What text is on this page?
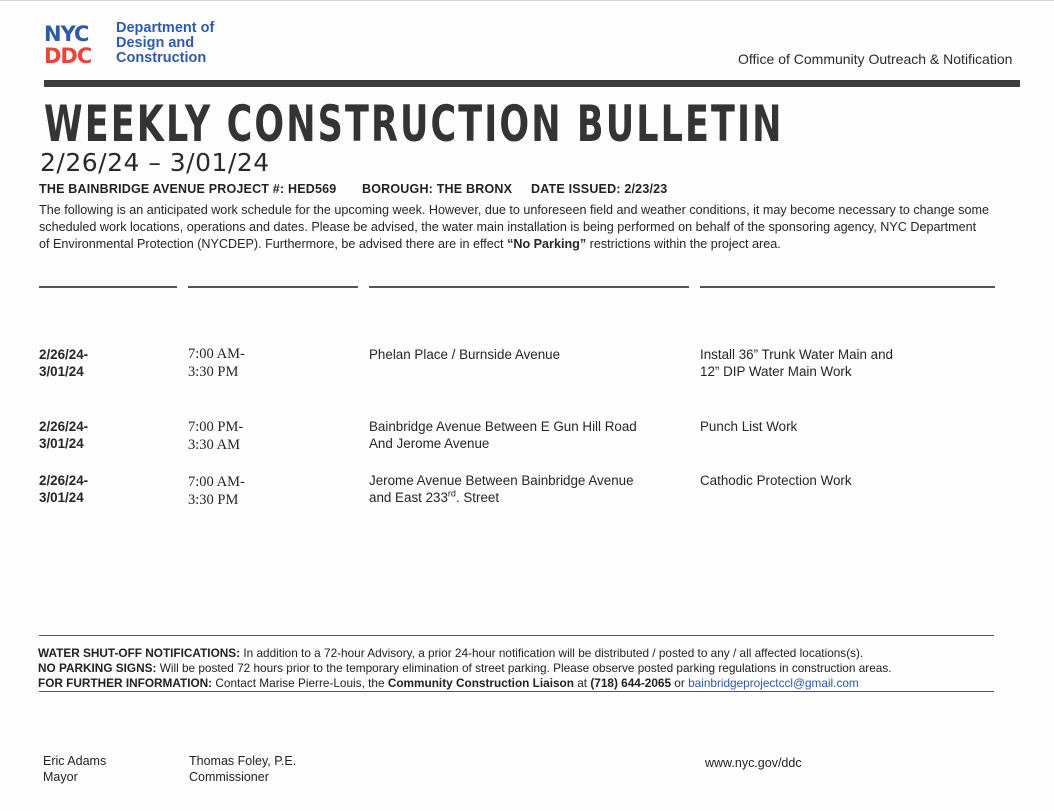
NYC
DDC
Department of
Design and
Construction	Office of Community Outreach & Notification
WEEKLY CONSTRUCTION BULLETIN
2/26/24 – 3/01/24
THE BAINBRIDGE AVENUE PROJECT #: HED569 BOROUGH: THE BRONX DATE ISSUED: 2/23/23
The following is an anticipated work schedule for the upcoming week. However, due to unforeseen field and weather conditions, it may become necessary to change some scheduled work locations, operations and dates. Please be advised, the water main installation is being performed on behalf of the sponsoring agency, NYC Department of Environmental Protection (NYCDEP). Furthermore, be advised there are in effect “No Parking” restrictions within the project area.
2/26/24-
3/01/24
7:00 AM-
3:30 PM
Phelan Place / Burnside Avenue	Install 36” Trunk Water Main and
12” DIP Water Main Work
2/26/24-
3/01/24
7:00 PM-
3:30 AM
Bainbridge Avenue Between E Gun Hill Road
And Jerome Avenue
Punch List Work
2/26/24-
3/01/24
7:00 AM-
3:30 PM
Jerome Avenue Between Bainbridge Avenue
and East 233rd. Street
Cathodic Protection Work
WATER SHUT-OFF NOTIFICATIONS: In addition to a 72-hour Advisory, a prior 24-hour notification will be distributed / posted to any / all affected locations(s).
NO PARKING SIGNS: Will be posted 72 hours prior to the temporary elimination of street parking. Please observe posted parking regulations in construction areas.
FOR FURTHER INFORMATION: Contact Marise Pierre-Louis, the Community Construction Liaison at (718) 644-2065 or bainbridgeprojectccl@gmail.com
Eric Adams
Mayor
Thomas Foley, P.E.
Commissioner
www.nyc.gov/ddc
